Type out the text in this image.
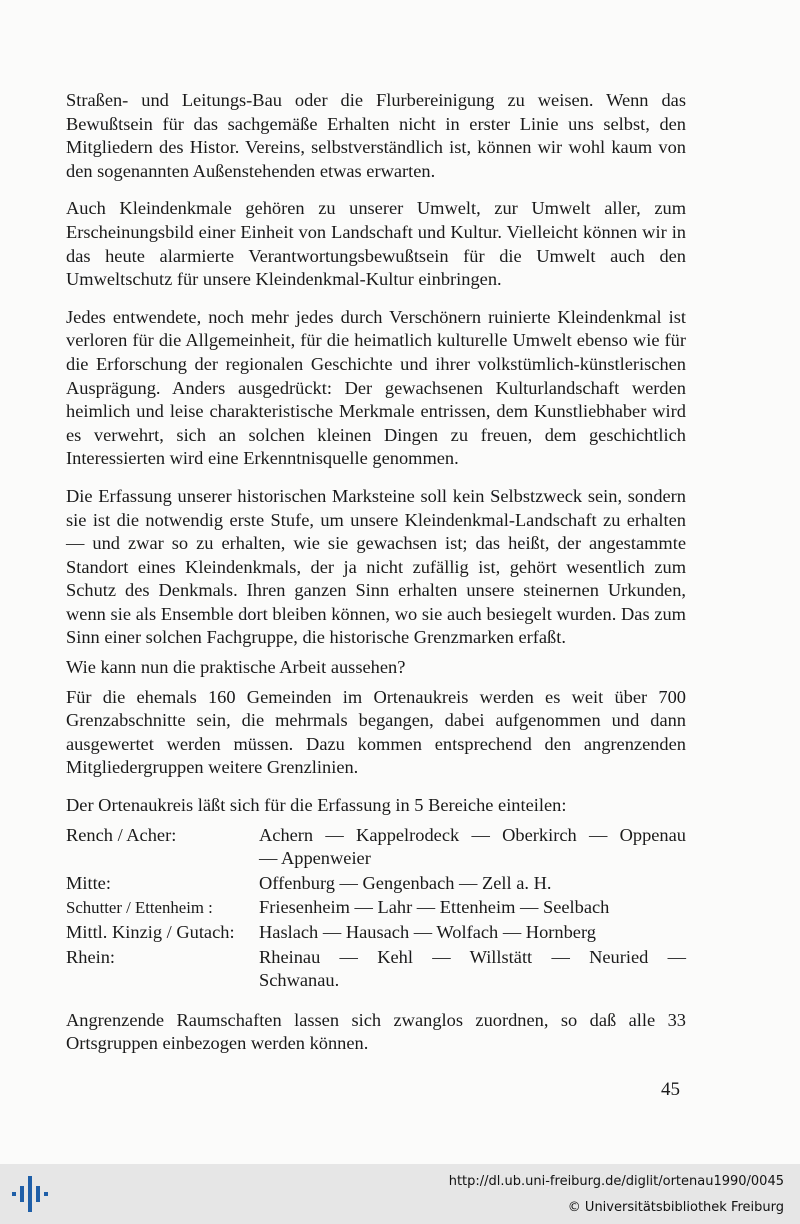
Straßen- und Leitungs-Bau oder die Flurbereinigung zu weisen. Wenn das Bewußtsein für das sachgemäße Erhalten nicht in erster Linie uns selbst, den Mitgliedern des Histor. Vereins, selbstverständlich ist, können wir wohl kaum von den sogenannten Außenstehenden etwas erwarten.

Auch Kleindenkmale gehören zu unserer Umwelt, zur Umwelt aller, zum Erscheinungsbild einer Einheit von Landschaft und Kultur. Vielleicht können wir in das heute alarmierte Verantwortungsbewußtsein für die Umwelt auch den Umweltschutz für unsere Kleindenkmal-Kultur einbringen.

Jedes entwendete, noch mehr jedes durch Verschönern ruinierte Kleindenkmal ist verloren für die Allgemeinheit, für die heimatlich kulturelle Umwelt ebenso wie für die Erforschung der regionalen Geschichte und ihrer volkstümlich-künstlerischen Ausprägung. Anders ausgedrückt: Der gewachsenen Kulturlandschaft werden heimlich und leise charakteristische Merkmale entrissen, dem Kunstliebhaber wird es verwehrt, sich an solchen kleinen Dingen zu freuen, dem geschichtlich Interessierten wird eine Erkenntnisquelle genommen.

Die Erfassung unserer historischen Marksteine soll kein Selbstzweck sein, sondern sie ist die notwendig erste Stufe, um unsere Kleindenkmal-Landschaft zu erhalten — und zwar so zu erhalten, wie sie gewachsen ist; das heißt, der angestammte Standort eines Kleindenkmals, der ja nicht zufällig ist, gehört wesentlich zum Schutz des Denkmals. Ihren ganzen Sinn erhalten unsere steinernen Urkunden, wenn sie als Ensemble dort bleiben können, wo sie auch besiegelt wurden. Das zum Sinn einer solchen Fachgruppe, die historische Grenzmarken erfaßt.

Wie kann nun die praktische Arbeit aussehen?

Für die ehemals 160 Gemeinden im Ortenaukreis werden es weit über 700 Grenzabschnitte sein, die mehrmals begangen, dabei aufgenommen und dann ausgewertet werden müssen. Dazu kommen entsprechend den angrenzenden Mitgliedergruppen weitere Grenzlinien.

Der Ortenaukreis läßt sich für die Erfassung in 5 Bereiche einteilen:

Rench / Acher:	Achern — Kappelrodeck — Oberkirch — Oppenau
— Appenweier
Mitte:	Offenburg — Gengenbach — Zell a. H.
Schutter / Ettenheim :	Friesenheim — Lahr — Ettenheim — Seelbach
Mittl. Kinzig / Gutach:	Haslach — Hausach — Wolfach — Hornberg
Rhein:	Rheinau — Kehl — Willstätt — Neuried —
Schwanau.

Angrenzende Raumschaften lassen sich zwanglos zuordnen, so daß alle 33 Ortsgruppen einbezogen werden können.

45
http://dl.ub.uni-freiburg.de/diglit/ortenau1990/0045
© Universitätsbibliothek Freiburg
